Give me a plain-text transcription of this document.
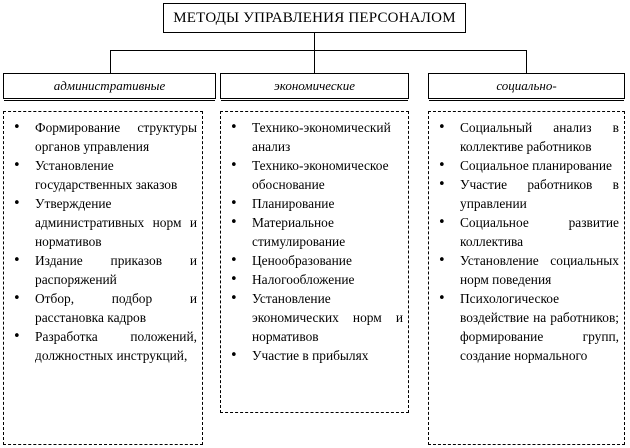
МЕТОДЫ УПРАВЛЕНИЯ ПЕРСОНАЛОМ
административные	экономические	социально-
• Формирование структуры органов управления
• Установление государственных заказов
• Утверждение административных норм и нормативов
• Издание приказов и распоряжений
• Отбор, подбор и расстановка кадров
• Разработка положений, должностных инструкций,
• Технико-экономический анализ
• Технико-экономическое обоснование
• Планирование
• Материальное стимулирование
• Ценообразование
• Налогообложение
• Установление экономических норм и нормативов
• Участие в прибылях
• Социальный анализ в коллективе работников
• Социальное планирование
• Участие работников в управлении
• Социальное развитие коллектива
• Установление социальных норм поведения
• Психологическое воздействие на работников; формирование групп, создание нормального
